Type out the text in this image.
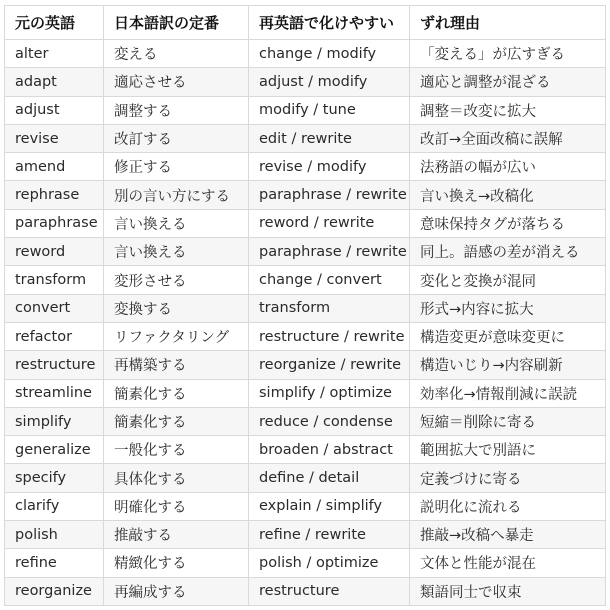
元の英語	日本語訳の定番	再英語で化けやすい	ずれ理由
alter	変える	change / modify	「変える」が広すぎる
adapt	適応させる	adjust / modify	適応と調整が混ざる
adjust	調整する	modify / tune	調整＝改変に拡大
revise	改訂する	edit / rewrite	改訂→全面改稿に誤解
amend	修正する	revise / modify	法務語の幅が広い
rephrase	別の言い方にする	paraphrase / rewrite	言い換え→改稿化
paraphrase	言い換える	reword / rewrite	意味保持タグが落ちる
reword	言い換える	paraphrase / rewrite	同上。語感の差が消える
transform	変形させる	change / convert	変化と変換が混同
convert	変換する	transform	形式→内容に拡大
refactor	リファクタリング	restructure / rewrite	構造変更が意味変更に
restructure	再構築する	reorganize / rewrite	構造いじり→内容刷新
streamline	簡素化する	simplify / optimize	効率化→情報削減に誤読
simplify	簡素化する	reduce / condense	短縮＝削除に寄る
generalize	一般化する	broaden / abstract	範囲拡大で別語に
specify	具体化する	define / detail	定義づけに寄る
clarify	明確化する	explain / simplify	説明化に流れる
polish	推敲する	refine / rewrite	推敲→改稿へ暴走
refine	精緻化する	polish / optimize	文体と性能が混在
reorganize	再編成する	restructure	類語同士で収束
